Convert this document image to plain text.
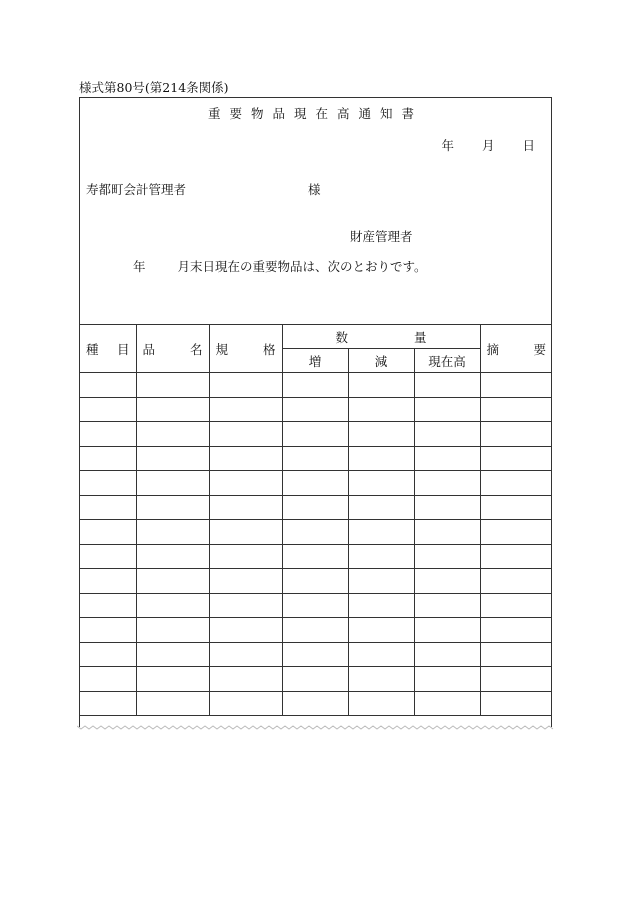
様式第80号(第214条関係)
重要物品現在高通知書
年 月 日
寿都町会計管理者	様
財産管理者
年	月末日現在の重要物品は、次のとおりです。
種 目	品 名	規 格	数 量			摘 要

			増	減	現在高	
